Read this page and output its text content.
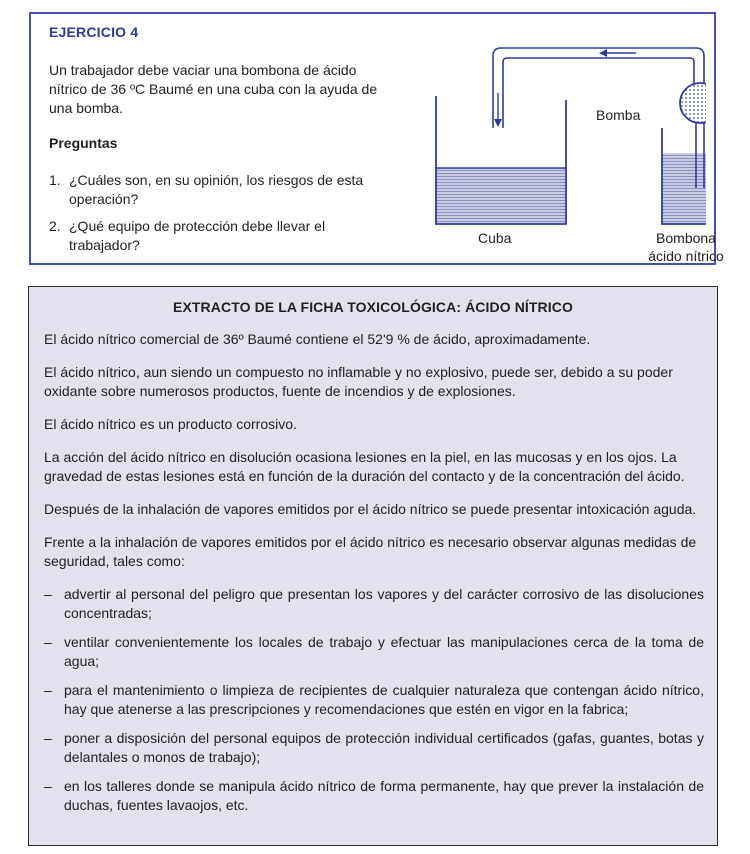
EJERCICIO 4
Un trabajador debe vaciar una bombona de ácido nítrico de 36 ºC Baumé en una cuba con la ayuda de una bomba.
Preguntas
1. ¿Cuáles son, en su opinión, los riesgos de esta operación?
2. ¿Qué equipo de protección debe llevar el trabajador?
Bomba
Cuba	Bombona
ácido nítrico
EXTRACTO DE LA FICHA TOXICOLÓGICA: ÁCIDO NÍTRICO

El ácido nítrico comercial de 36º Baumé contiene el 52'9 % de ácido, aproximadamente.

El ácido nítrico, aun siendo un compuesto no inflamable y no explosivo, puede ser, debido a su poder oxidante sobre numerosos productos, fuente de incendios y de explosiones.

El ácido nítrico es un producto corrosivo.

La acción del ácido nítrico en disolución ocasiona lesiones en la piel, en las mucosas y en los ojos. La gravedad de estas lesiones está en función de la duración del contacto y de la concentración del ácido.

Después de la inhalación de vapores emitidos por el ácido nítrico se puede presentar intoxicación aguda.

Frente a la inhalación de vapores emitidos por el ácido nítrico es necesario observar algunas medidas de seguridad, tales como:

– advertir al personal del peligro que presentan los vapores y del carácter corrosivo de las disoluciones concentradas;
– ventilar convenientemente los locales de trabajo y efectuar las manipulaciones cerca de la toma de agua;
– para el mantenimiento o limpieza de recipientes de cualquier naturaleza que contengan ácido nítrico, hay que atenerse a las prescripciones y recomendaciones que estén en vigor en la fabrica;
– poner a disposición del personal equipos de protección individual certificados (gafas, guantes, botas y delantales o monos de trabajo);
– en los talleres donde se manipula ácido nítrico de forma permanente, hay que prever la instalación de duchas, fuentes lavaojos, etc.
